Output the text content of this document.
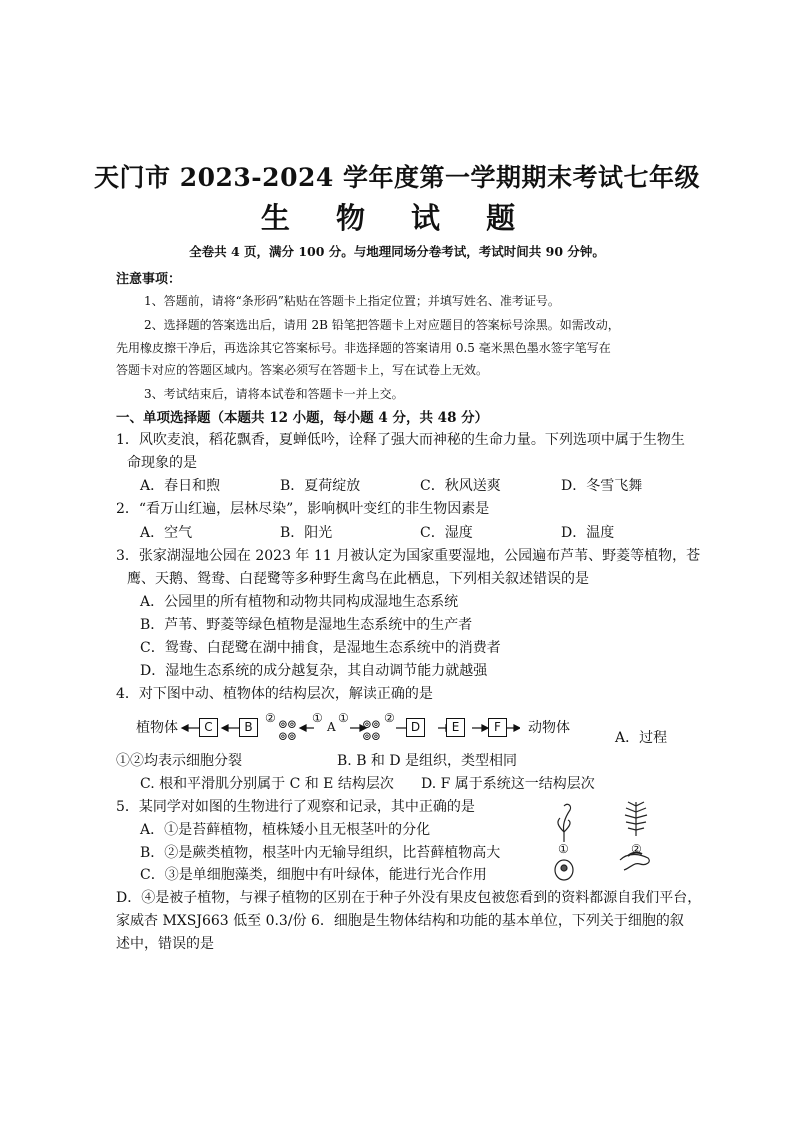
天门市 2023-2024 学年度第一学期期末考试七年级
生 物 试 题
全卷共 4 页，满分 100 分。与地理同场分卷考试，考试时间共 90 分钟。
注意事项：
1、答题前，请将“条形码”粘贴在答题卡上指定位置；并填写姓名、准考证号。
2、选择题的答案选出后，请用 2B 铅笔把答题卡上对应题目的答案标号涂黑。如需改动，
先用橡皮擦干净后，再选涂其它答案标号。非选择题的答案请用 0.5 毫米黑色墨水签字笔写在
答题卡对应的答题区域内。答案必须写在答题卡上，写在试卷上无效。
3、考试结束后，请将本试卷和答题卡一并上交。
一、单项选择题（本题共 12 小题，每小题 4 分，共 48 分）
1．风吹麦浪，稻花飘香，夏蝉低吟，诠释了强大而神秘的生命力量。下列选项中属于生物生
命现象的是
A．春日和煦	B．夏荷绽放	C．秋风送爽	D．冬雪飞舞
2．“看万山红遍，层林尽染”，影响枫叶变红的非生物因素是
A．空气	B．阳光	C．湿度	D．温度
3．张家湖湿地公园在 2023 年 11 月被认定为国家重要湿地，公园遍布芦苇、野菱等植物，苍
鹰、天鹅、鸳鸯、白琵鹭等多种野生禽鸟在此栖息，下列相关叙述错误的是
A．公园里的所有植物和动物共同构成湿地生态系统
B．芦苇、野菱等绿色植物是湿地生态系统中的生产者
C．鸳鸯、白琵鹭在湖中捕食，是湿地生态系统中的消费者
D．湿地生态系统的成分越复杂，其自动调节能力就越强
4．对下图中动、植物体的结构层次，解读正确的是
植物体	C	B
② ⊚⊚
⊚⊚
①
A
① ⊚⊚
⊚⊚
②
D	E	F	动物体
A．过程
①②均表示细胞分裂	B. B 和 D 是组织，类型相同
C. 根和平滑肌分别属于 C 和 E 结构层次 D. F 属于系统这一结构层次
5．某同学对如图的生物进行了观察和记录，其中正确的是
A．①是苔藓植物，植株矮小且无根茎叶的分化
B．②是蕨类植物，根茎叶内无输导组织，比苔藓植物高大
C．③是单细胞藻类，细胞中有叶绿体，能进行光合作用
①	②
D．④是被子植物，与裸子植物的区别在于种子外没有果皮包被您看到的资料都源自我们平台，
家威杏 MXSJ663 低至 0.3/份 6．细胞是生物体结构和功能的基本单位，下列关于细胞的叙
述中，错误的是
